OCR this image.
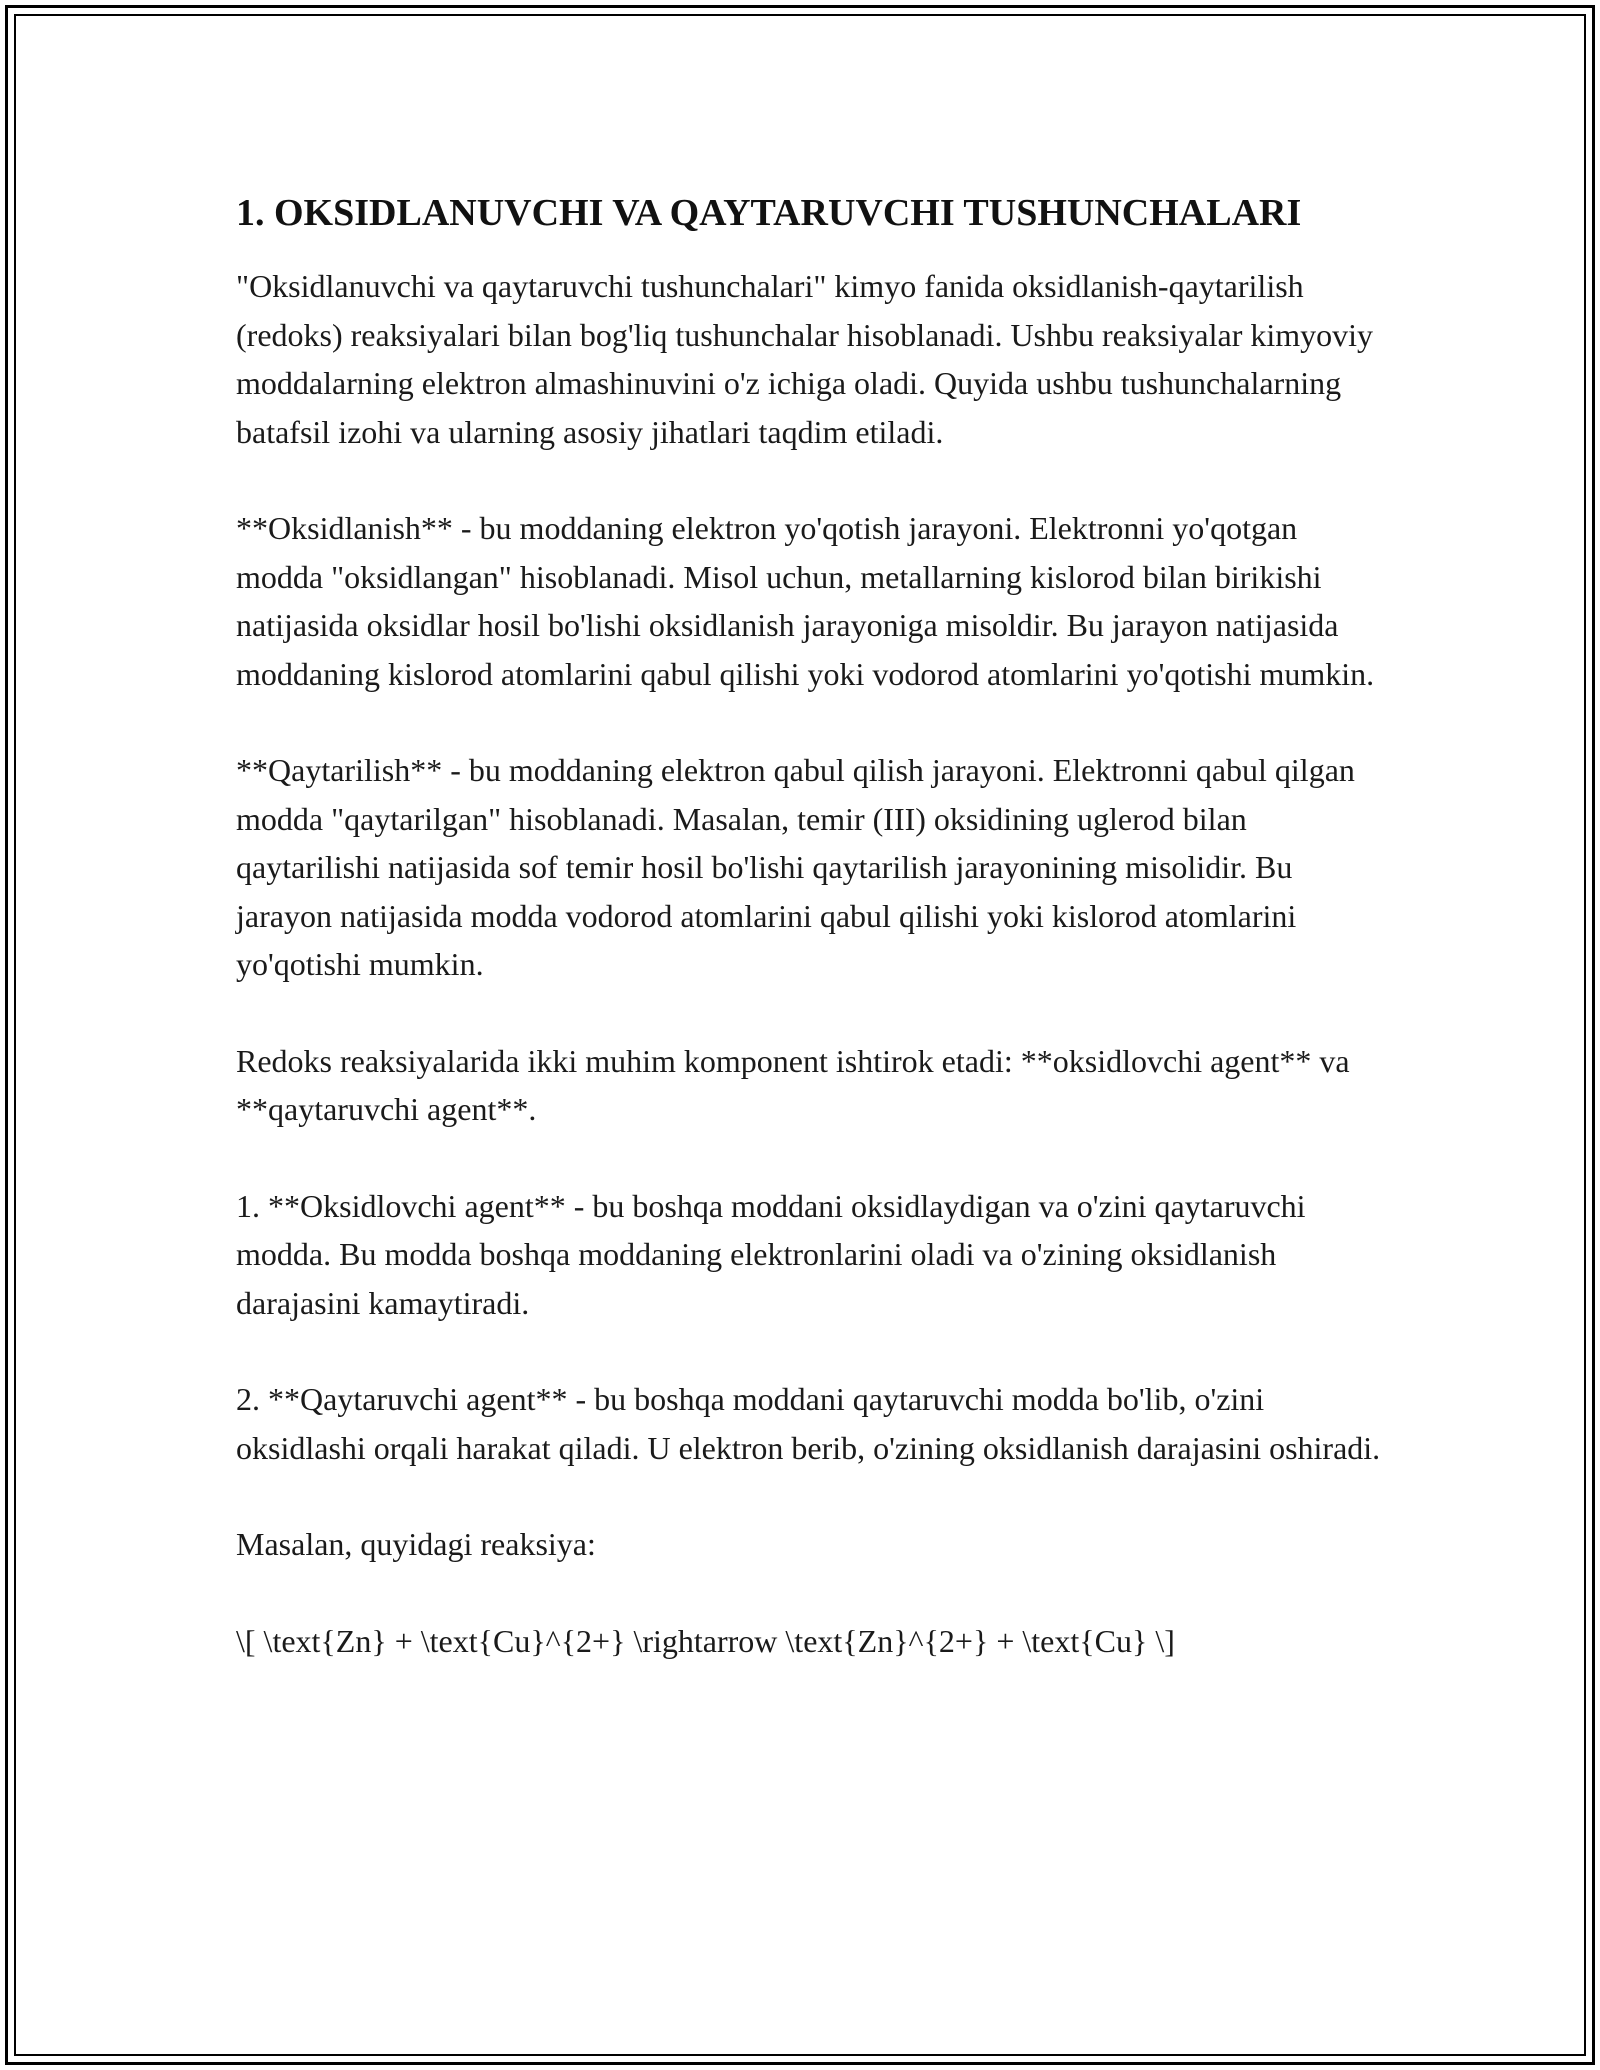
1. OKSIDLANUVCHI VA QAYTARUVCHI TUSHUNCHALARI

"Oksidlanuvchi va qaytaruvchi tushunchalari" kimyo fanida oksidlanish-qaytarilish (redoks) reaksiyalari bilan bog'liq tushunchalar hisoblanadi. Ushbu reaksiyalar kimyoviy moddalarning elektron almashinuvini o'z ichiga oladi. Quyida ushbu tushunchalarning batafsil izohi va ularning asosiy jihatlari taqdim etiladi.

**Oksidlanish** - bu moddaning elektron yo'qotish jarayoni. Elektronni yo'qotgan modda "oksidlangan" hisoblanadi. Misol uchun, metallarning kislorod bilan birikishi natijasida oksidlar hosil bo'lishi oksidlanish jarayoniga misoldir. Bu jarayon natijasida moddaning kislorod atomlarini qabul qilishi yoki vodorod atomlarini yo'qotishi mumkin.

**Qaytarilish** - bu moddaning elektron qabul qilish jarayoni. Elektronni qabul qilgan modda "qaytarilgan" hisoblanadi. Masalan, temir (III) oksidining uglerod bilan qaytarilishi natijasida sof temir hosil bo'lishi qaytarilish jarayonining misolidir. Bu jarayon natijasida modda vodorod atomlarini qabul qilishi yoki kislorod atomlarini yo'qotishi mumkin.

Redoks reaksiyalarida ikki muhim komponent ishtirok etadi: **oksidlovchi agent** va **qaytaruvchi agent**.

1. **Oksidlovchi agent** - bu boshqa moddani oksidlaydigan va o'zini qaytaruvchi modda. Bu modda boshqa moddaning elektronlarini oladi va o'zining oksidlanish darajasini kamaytiradi.

2. **Qaytaruvchi agent** - bu boshqa moddani qaytaruvchi modda bo'lib, o'zini oksidlashi orqali harakat qiladi. U elektron berib, o'zining oksidlanish darajasini oshiradi.

Masalan, quyidagi reaksiya:

\[ \text{Zn} + \text{Cu}^{2+} \rightarrow \text{Zn}^{2+} + \text{Cu} \]
